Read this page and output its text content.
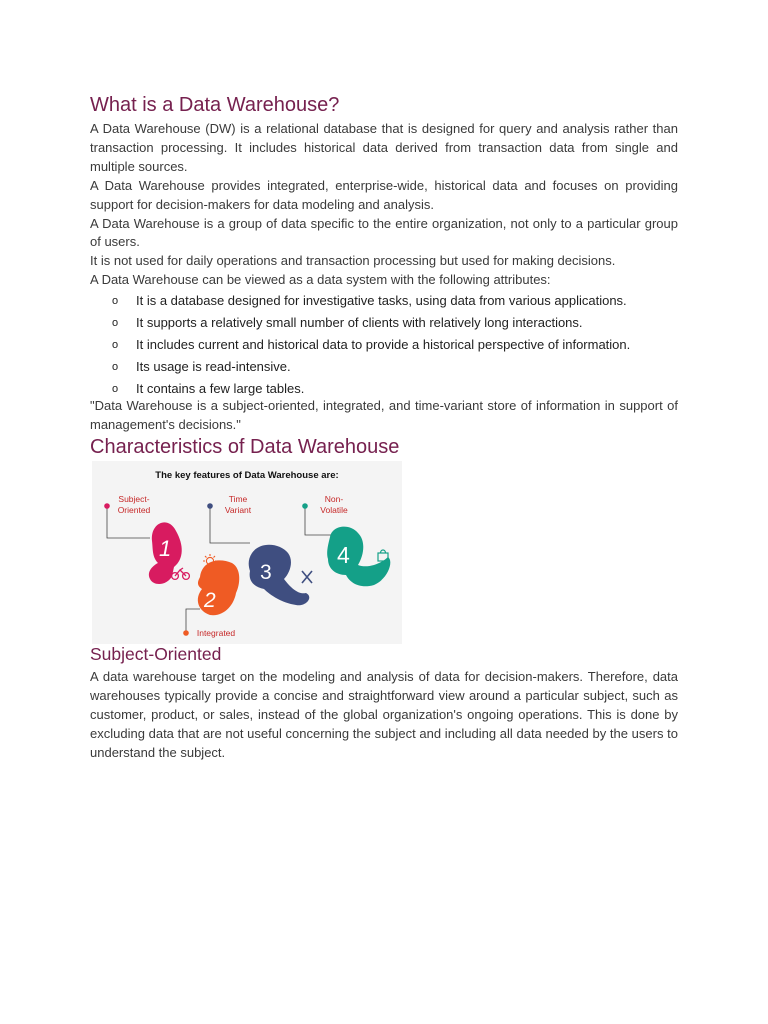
What is a Data Warehouse?

A Data Warehouse (DW) is a relational database that is designed for query and analysis rather than transaction processing. It includes historical data derived from transaction data from single and multiple sources.

A Data Warehouse provides integrated, enterprise-wide, historical data and focuses on providing support for decision-makers for data modeling and analysis.

A Data Warehouse is a group of data specific to the entire organization, not only to a particular group of users.

It is not used for daily operations and transaction processing but used for making decisions.

A Data Warehouse can be viewed as a data system with the following attributes:

o It is a database designed for investigative tasks, using data from various applications.
o It supports a relatively small number of clients with relatively long interactions.
o It includes current and historical data to provide a historical perspective of information.
o Its usage is read-intensive.
o It contains a few large tables.

"Data Warehouse is a subject-oriented, integrated, and time-variant store of information in support of management's decisions."

Characteristics of Data Warehouse
The key features of Data Warehouse are:
Subject-
Oriented
Time
Variant
Non-
Volatile
Integrated
1
2
3
4
Subject-Oriented

A data warehouse target on the modeling and analysis of data for decision-makers. Therefore, data warehouses typically provide a concise and straightforward view around a particular subject, such as customer, product, or sales, instead of the global organization's ongoing operations. This is done by excluding data that are not useful concerning the subject and including all data needed by the users to understand the subject.
